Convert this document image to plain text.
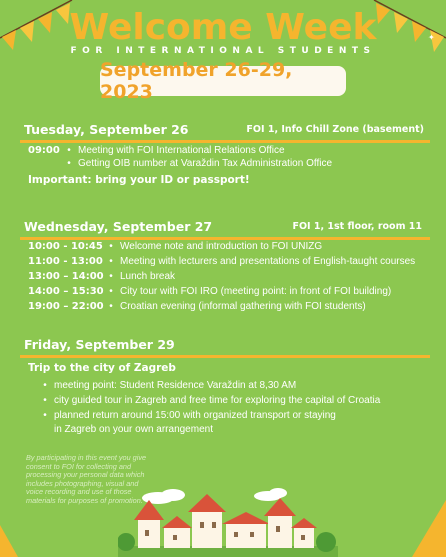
✦
Welcome Week
FOR INTERNATIONAL STUDENTS
September 26-29, 2023
Tuesday, September 26	FOI 1, Info Chill Zone (basement)
09:00 • Meeting with FOI International Relations Office
• Getting OIB number at Varaždin Tax Administration Office
Important: bring your ID or passport!
Wednesday, September 27	FOI 1, 1st floor, room 11
10:00 - 10:45 • Welcome note and introduction to FOI UNIZG
11:00 - 13:00 • Meeting with lecturers and presentations of English-taught courses
13:00 – 14:00 • Lunch break
14:00 – 15:30 • City tour with FOI IRO (meeting point: in front of FOI building)
19:00 – 22:00 • Croatian evening (informal gathering with FOI students)
Friday, September 29
Trip to the city of Zagreb
• meeting point: Student Residence Varaždin at 8,30 AM
• city guided tour in Zagreb and free time for exploring the capital of Croatia
• planned return around 15:00 with organized transport or staying
in Zagreb on your own arrangement
By participating in this event you give consent to FOI for collecting and processing your personal data which includes photographing, visual and voice recording and use of those materials for purposes of promotion.
